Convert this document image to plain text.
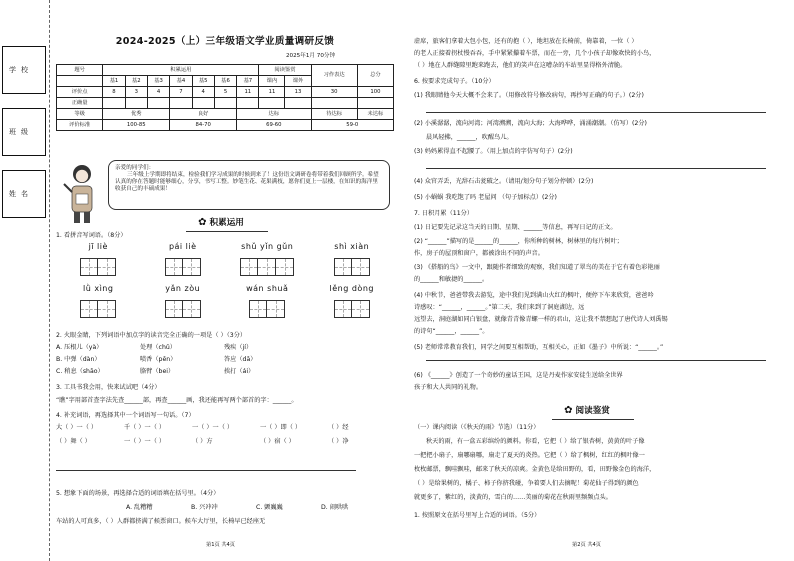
学校
班级
姓名
2024-2025（上）三年级语文学业质量调研反馈
2025年1月 70分钟
题号	积累运用							阅读鉴赏		习作表达	总分
	基1	基2	基3	基4	基5	基6	基7	课内	课外		
评价点	8	3	4	7	4	5	11	11	13	30	100
正确量											
等级	优秀			良好			达标			待达标	未达标
评价标准	100-85			84-70			69-60			59-0	
亲爱的同学们：

三年级上学期即将结束，检验我们学习成果的时候到来了！这份语文调研卷将带着我们回顾所学。希望认真的你在答题时能够细心，分享，书写工整。妙笔生花、花果满枝，愿你们更上一层楼，在知识的海洋里收获自己的丰硕成果！

✿ 积累运用
1. 看拼音写词语。（8分）
jī liè	pái liè	shǔ yǐn gǔn	shì xiàn
lǜ xìng	yǎn zòu	wán shuǎ	lěng dòng
2. 火眼金睛，下列词语中加点字的读音完全正确的一项是（ ）（3分）
A. 压根儿（yà）	处理（chǔ）	残疾（jí）
B. 中弹（dàn）	喷香（pēn）	答应（dā）
C. 稍息（shāo）	胳臂（bei）	挨打（ái）
3. 工具书我会用，快来试试吧（4分）
“瞧”字用部首查字法先查______部，再查______画，我还能再写两个部首的字：______。
4. 补充词语，再选择其中一个词语写一句话。（7）
大（ ）一（ ）	千（ ）一（ ）	一（ ）一（ ）	一（ ）即（ ）	（ ）经
（ ）舞（ ）	一（ ）一（ ）	（ ）方	（ ）宿（ ）	（ ）净
5. 想象下面的场景，再选择合适的词语填在括号里。（4分）
A. 乱糟糟	B. 兴冲冲	C. 颤巍巍	D. 闹哄哄
车站的人可真多，（ ）人群都挤满了候票窗口。候车大厅里，长椅早已经座无
第1页 共4页
虚席，旅客们拿着大包小包，还有的抱（ ），地坦放在长椅前，倚靠着，一位（ ）
的老人正接着拐杖慢吞吞，手中紧紧攥着车票，而在一旁，几个小孩子却像欢快的小鸟，
（ ）地在人群缝隙里跑来跑去，他们的笑声在这嘈杂的车站里显得格外清脆。
6. 按要求完成句子。（10分）
(1) 我眼睛他今天大概不会来了。（用修改符号修改病句，再抄写正确的句子。）(2分)
(2) 小溪潺潺，流向河湾；河湾溯溯，流向大海；大海哗哗，涌涌潮潮。（仿写）(2分)
晨风轻拂，______，吹醒鸟儿。
(3) 妈妈累得直不起腰了。（用上加点的字仿写句子）(2分)
(4) 众官弄丢，光辞石击瓮破之。（请用/划分句子划分停顿）(2分)
(5) 小蜗蜗 我吃饱了吗 老屋问 （句子加标点）(2分)
7. 日积月累（11分）
(1) 日记要先记录这当天的日期、星期、______等信息，再写日记的正文。
(2) “______”描写的是______的______，你所种的树林，树林里的每片树叶；
作，房子的屋顶和窗户，都被涂出不同的声音。
(3) 《搭船的鸟》一文中，跟随作者细致的观察，我们知道了翠鸟的美在于它有着色彩艳丽
的______和敏捷的______。
(4) 中秋节，爸爸带我去游览，途中我们见到满山火红的枫叶，便停下车来欣赏，爸爸吟
诗感叹：“______，______。”第二天，我们来到了洞庭湖边，远
远望去，洞庭湖如同白银盘，就像青青像青螺一样的君山，这让我不禁想起了唐代诗人刘禹锡
的诗句“______，______”。
(5) 老师常常教育我们，同学之间要互相帮助，互相关心，正如《墨子》中所说：“______。”
(6) 《______》创造了一个奇妙的童话王国，这是丹麦作家安徒生送给全世界
孩子和大人共同的礼物。
✿ 阅读鉴赏
（一）课内阅读（《秋天的雨》节选）（11分）
秋天的雨，有一盒五彩缤纷的颜料。你看，它把（ ）给了银杏树，黄黄的叶子像
一把把小扇子，扇哪扇哪，扇走了夏天的炎热。它把（ ）给了枫树，红红的枫叶像一
枚枚邮票，飘哇飘哇，邮来了秋天的凉爽。金黄色是给田野的，看，田野像金色的海洋，
（ ）是给果树的，橘子、柿子你挤我碰，争着要人们去摘呢！菊花仙子得到的颜色
就更多了，紫红的，淡黄的，雪白的……美丽的菊花在秋雨里频频点头。
1. 按照原文在括号里写上合适的词语。（5分）
第2页 共4页
